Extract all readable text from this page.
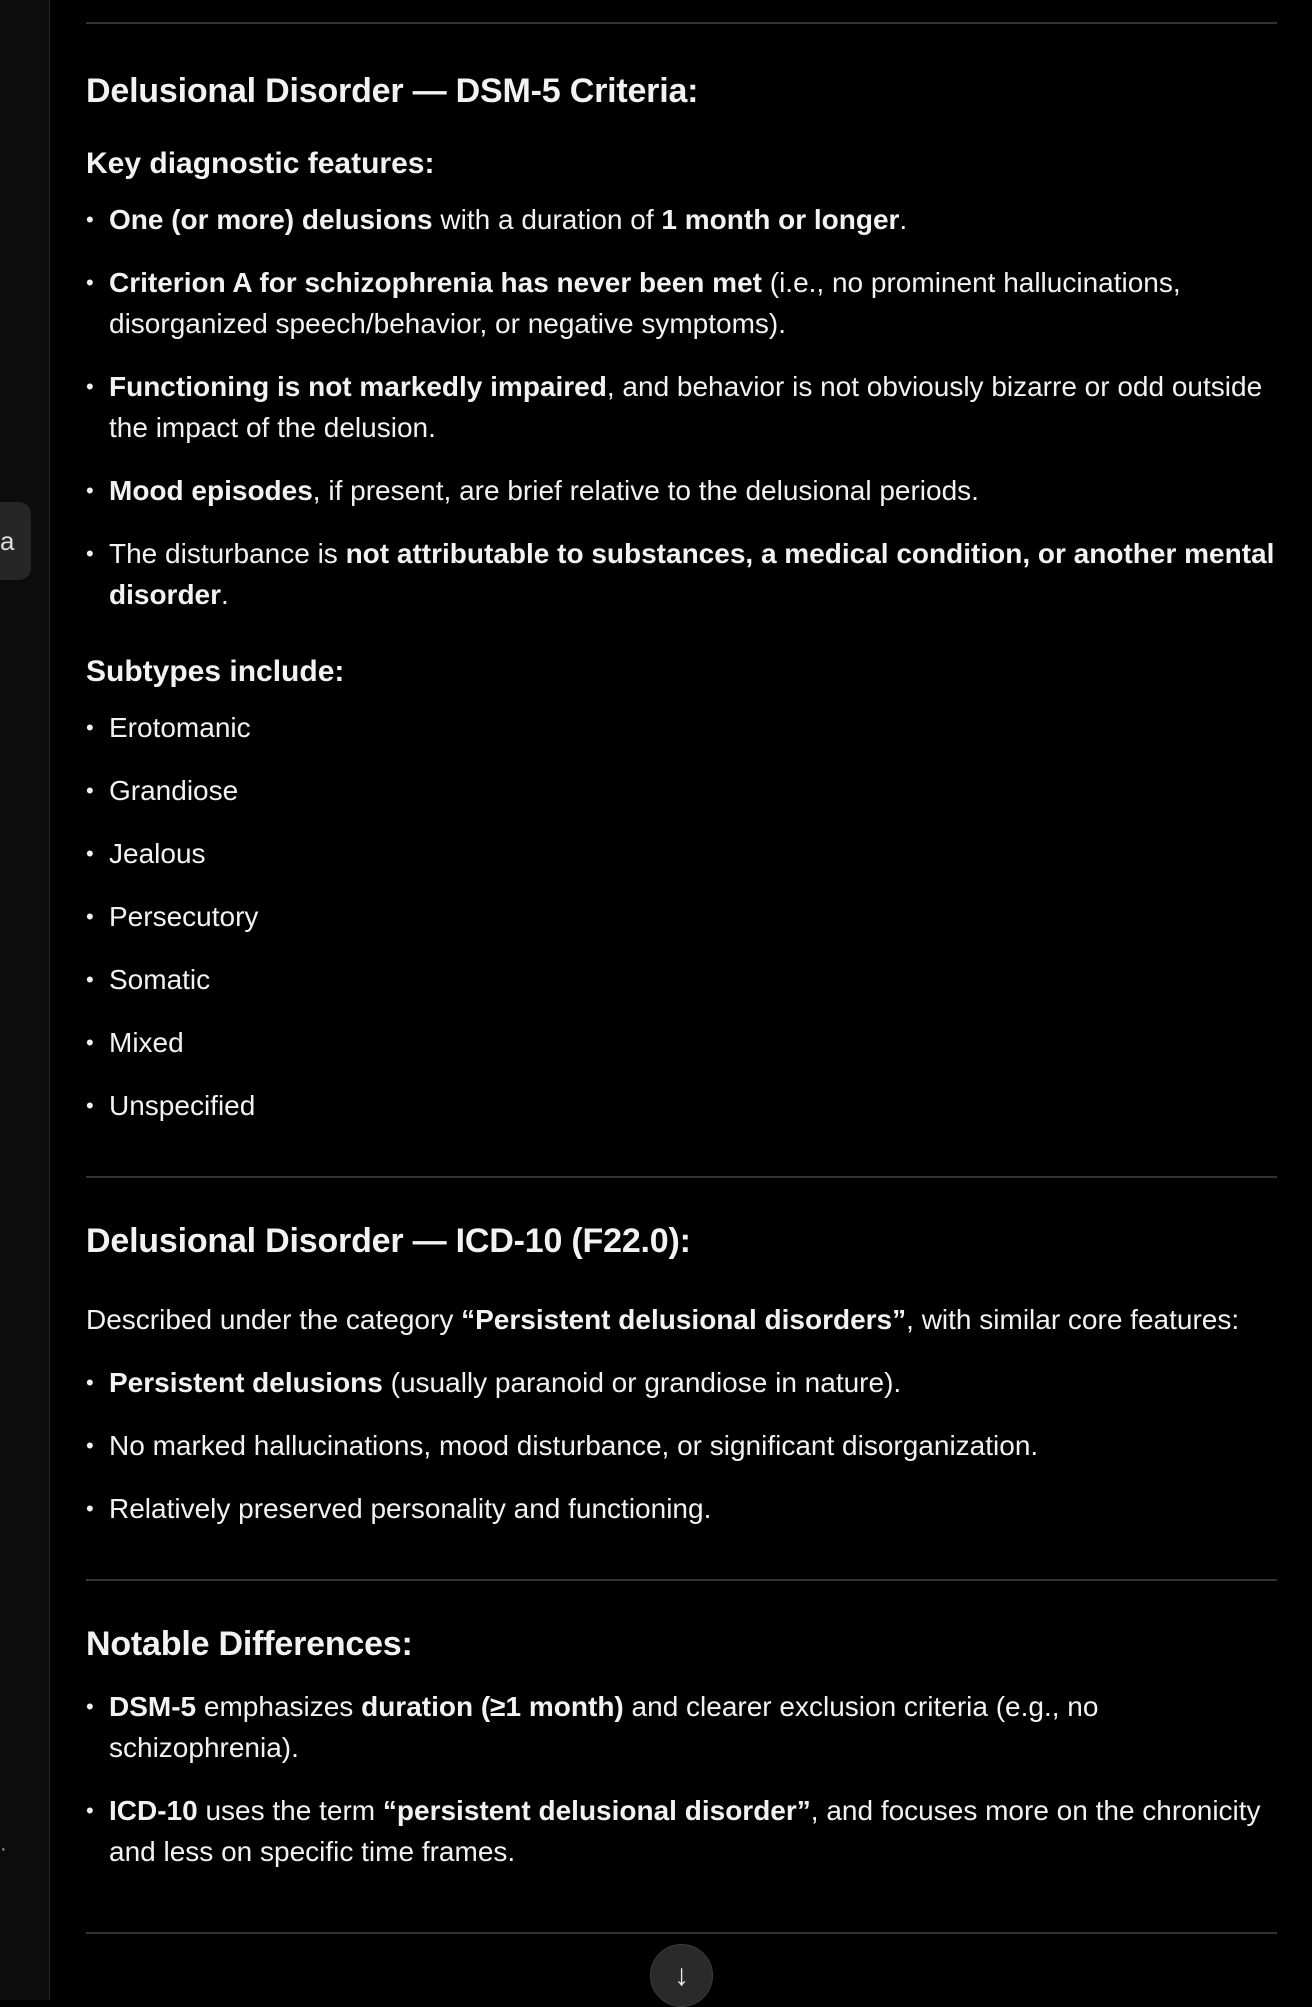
a
·
Delusional Disorder — DSM-5 Criteria:
Key diagnostic features:
• One (or more) delusions with a duration of 1 month or longer.
• Criterion A for schizophrenia has never been met (i.e., no prominent hallucinations, disorganized speech/behavior, or negative symptoms).
• Functioning is not markedly impaired, and behavior is not obviously bizarre or odd outside the impact of the delusion.
• Mood episodes, if present, are brief relative to the delusional periods.
• The disturbance is not attributable to substances, a medical condition, or another mental disorder.
Subtypes include:
• Erotomanic
• Grandiose
• Jealous
• Persecutory
• Somatic
• Mixed
• Unspecified
Delusional Disorder — ICD-10 (F22.0):

Described under the category “Persistent delusional disorders”, with similar core features:

• Persistent delusions (usually paranoid or grandiose in nature).
• No marked hallucinations, mood disturbance, or significant disorganization.
• Relatively preserved personality and functioning.
Notable Differences:
• DSM-5 emphasizes duration (≥1 month) and clearer exclusion criteria (e.g., no schizophrenia).
• ICD-10 uses the term “persistent delusional disorder”, and focuses more on the chronicity and less on specific time frames.
↓
